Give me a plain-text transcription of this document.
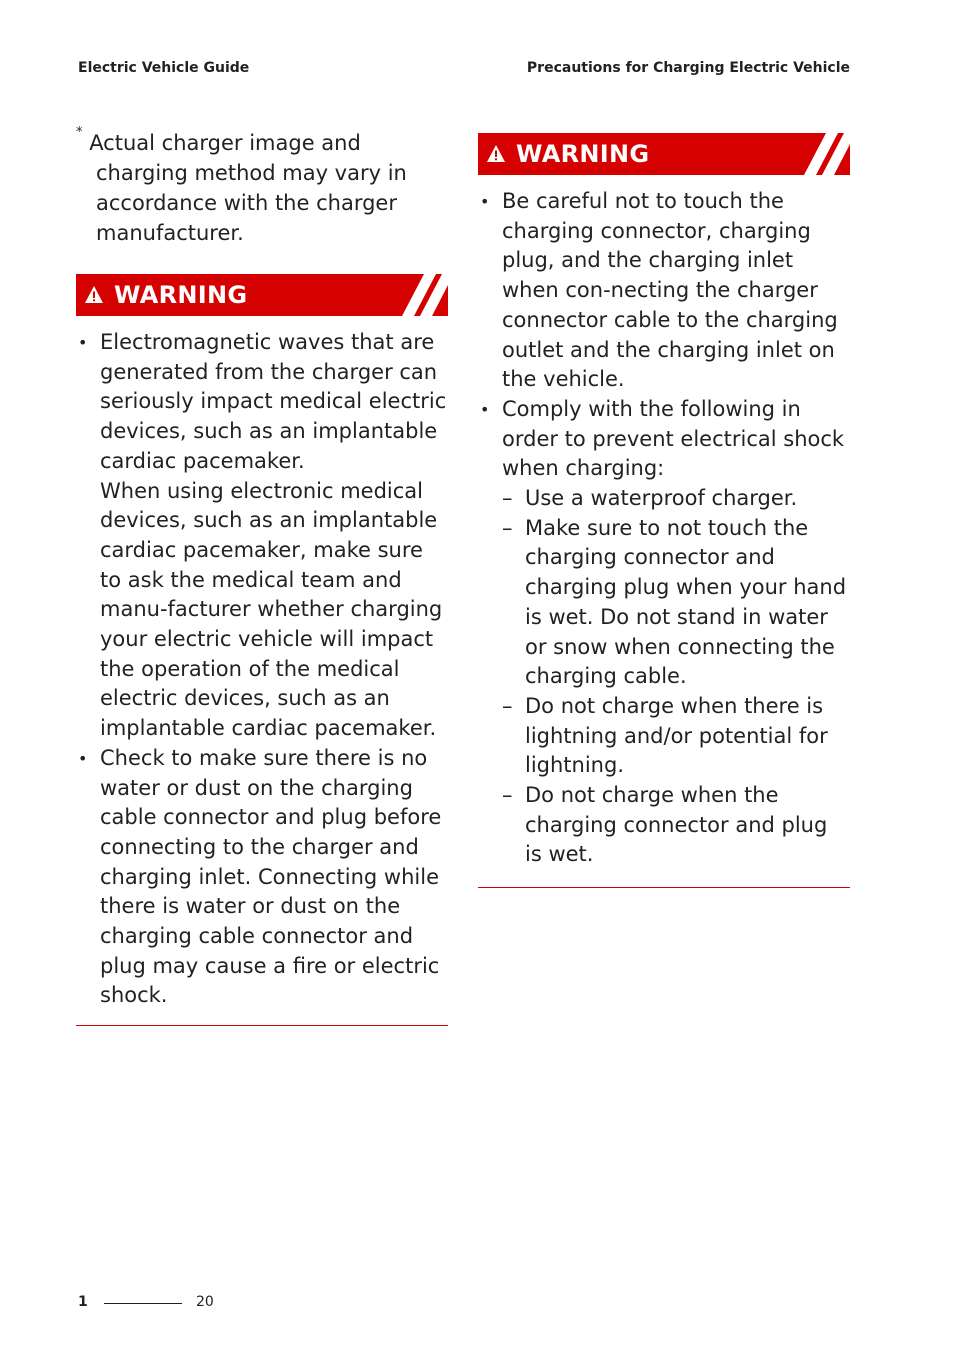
Electric Vehicle Guide	Precautions for Charging Electric Vehicle
* Actual charger image and charging method may vary in accordance with the charger manufacturer.
WARNING
• Electromagnetic waves that are generated from the charger can seriously impact medical electric devices, such as an implantable cardiac pacemaker.
When using electronic medical devices, such as an implantable cardiac pacemaker, make sure to ask the medical team and manu-facturer whether charging your electric vehicle will impact the operation of the medical electric devices, such as an implantable cardiac pacemaker.
• Check to make sure there is no water or dust on the charging cable connector and plug before connecting to the charger and charging inlet. Connecting while there is water or dust on the charging cable connector and plug may cause a fire or electric shock.
WARNING
• Be careful not to touch the charging connector, charging plug, and the charging inlet when con-necting the charger connector cable to the charging outlet and the charging inlet on the vehicle.
• Comply with the following in order to prevent electrical shock when charging:
– Use a waterproof charger.
– Make sure to not touch the charging connector and charging plug when your hand is wet. Do not stand in water or snow when connecting the charging cable.
– Do not charge when there is lightning and/or potential for lightning.
– Do not charge when the charging connector and plug is wet.
1	20
